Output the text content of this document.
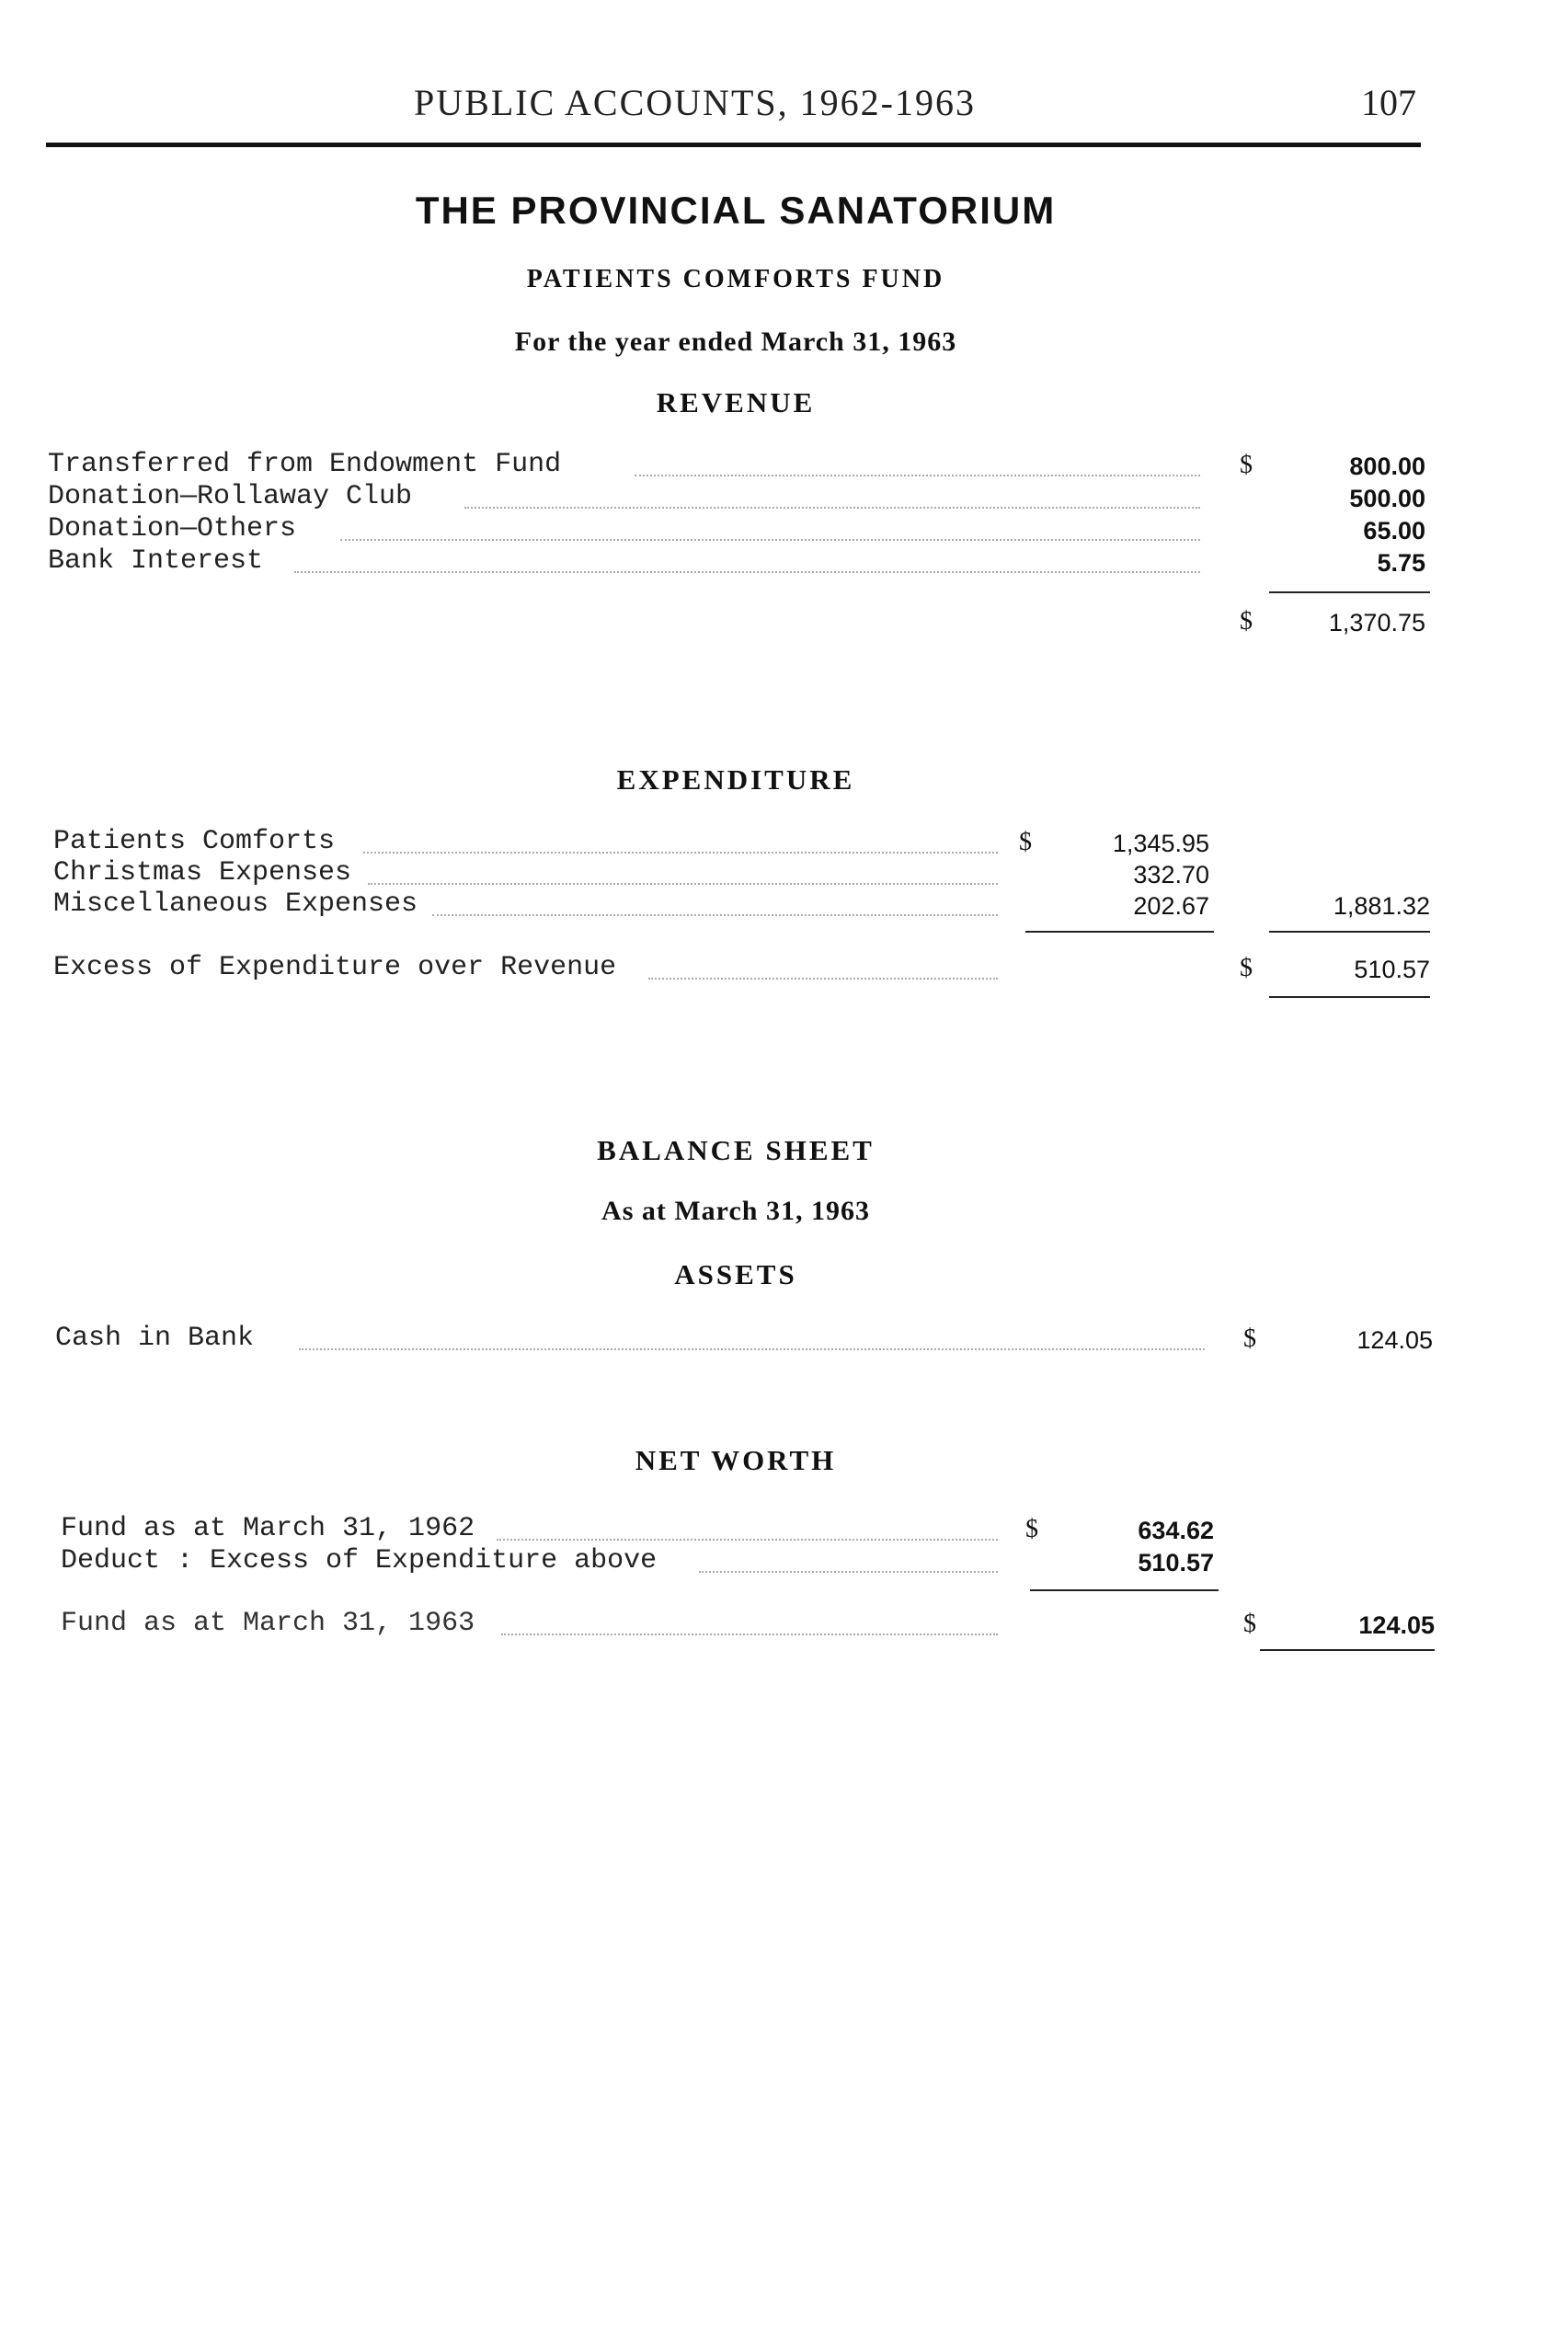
PUBLIC ACCOUNTS, 1962-1963	107
THE PROVINCIAL SANATORIUM
PATIENTS COMFORTS FUND
For the year ended March 31, 1963
REVENUE
Transferred from Endowment Fund	$	800.00
Donation—Rollaway Club	500.00
Donation—Others	65.00
Bank Interest	5.75
$	1,370.75
EXPENDITURE
Patients Comforts	$	1,345.95
Christmas Expenses	332.70
Miscellaneous Expenses	202.67	1,881.32
Excess of Expenditure over Revenue	$	510.57
BALANCE SHEET
As at March 31, 1963
ASSETS
Cash in Bank	$	124.05
NET WORTH
Fund as at March 31, 1962	$	634.62
Deduct : Excess of Expenditure above	510.57
Fund as at March 31, 1963	$	124.05
